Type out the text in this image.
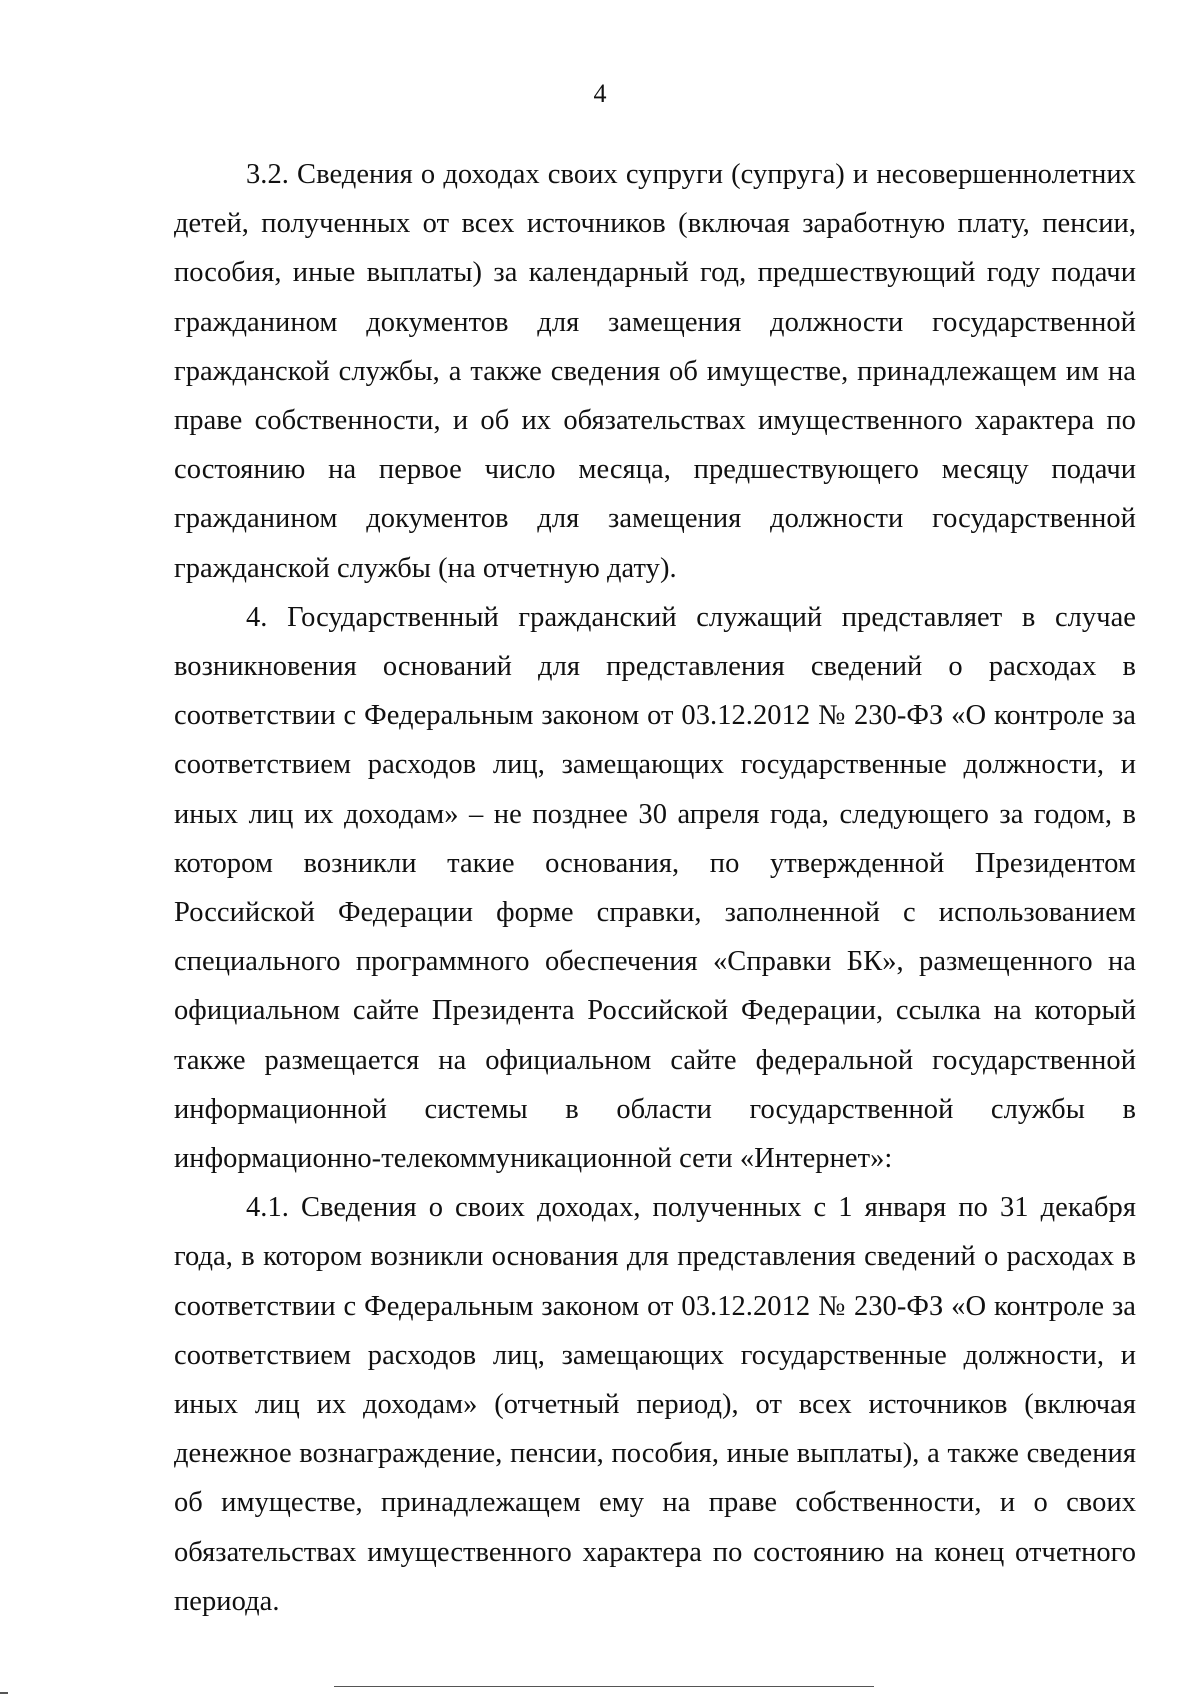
4

3.2. Сведения о доходах своих супруги (супруга) и несовершеннолетних детей, полученных от всех источников (включая заработную плату, пенсии, пособия, иные выплаты) за календарный год, предшествующий году подачи гражданином документов для замещения должности государственной гражданской службы, а также сведения об имуществе, принадлежащем им на праве собственности, и об их обязательствах имущественного характера по состоянию на первое число месяца, предшествующего месяцу подачи гражданином документов для замещения должности государственной гражданской службы (на отчетную дату).

4. Государственный гражданский служащий представляет в случае возникновения оснований для представления сведений о расходах в соответствии с Федеральным законом от 03.12.2012 № 230-ФЗ «О контроле за соответствием расходов лиц, замещающих государственные должности, и иных лиц их доходам» – не позднее 30 апреля года, следующего за годом, в котором возникли такие основания, по утвержденной Президентом Российской Федерации форме справки, заполненной с использованием специального программного обеспечения «Справки БК», размещенного на официальном сайте Президента Российской Федерации, ссылка на который также размещается на официальном сайте федеральной государственной информационной системы в области государственной службы в информационно-телекоммуникационной сети «Интернет»:

4.1. Сведения о своих доходах, полученных с 1 января по 31 декабря года, в котором возникли основания для представления сведений о расходах в соответствии с Федеральным законом от 03.12.2012 № 230-ФЗ «О контроле за соответствием расходов лиц, замещающих государственные должности, и иных лиц их доходам» (отчетный период), от всех источников (включая денежное вознаграждение, пенсии, пособия, иные выплаты), а также сведения об имуществе, принадлежащем ему на праве собственности, и о своих обязательствах имущественного характера по состоянию на конец отчетного периода.
